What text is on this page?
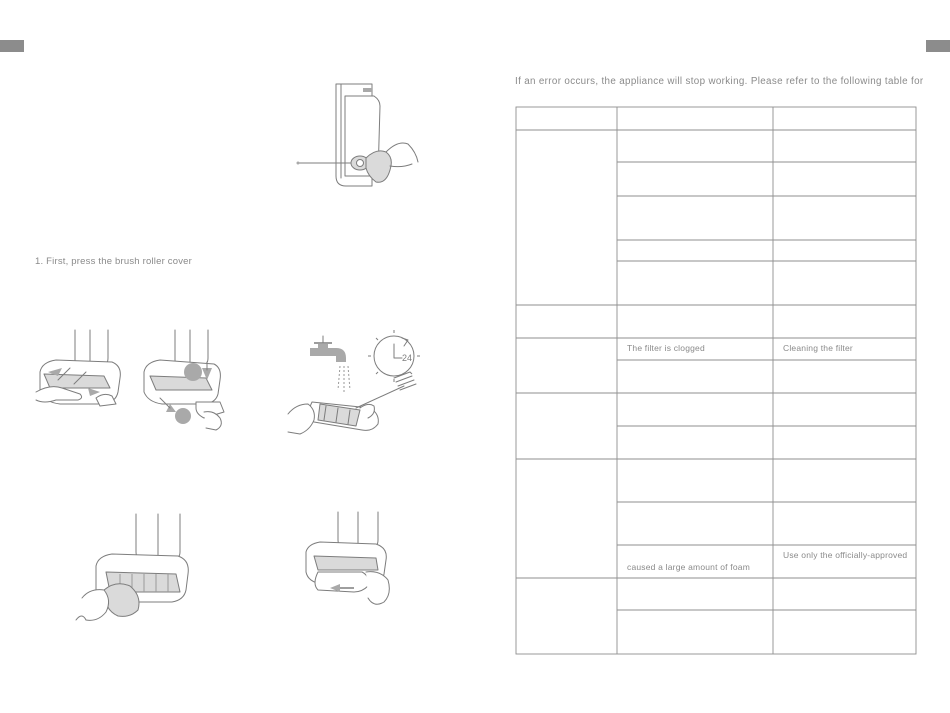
1. First, press the brush roller cover
If an error occurs, the appliance will stop working. Please refer to the following table for
24
The filter is clogged	Cleaning the filter
caused a large amount of foam
Use only the officially-approved
